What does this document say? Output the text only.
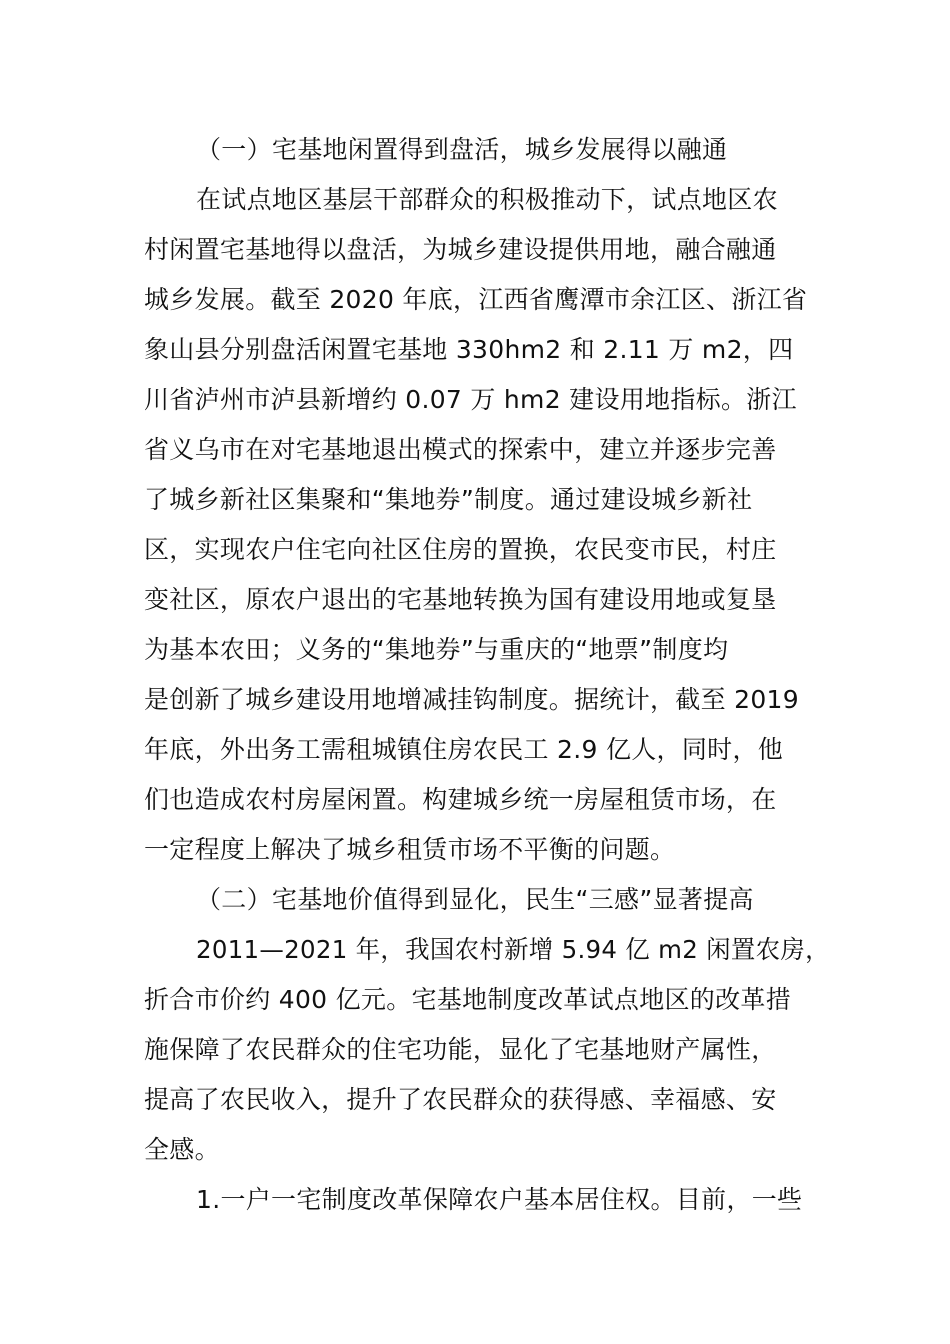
（一）宅基地闲置得到盘活，城乡发展得以融通
在试点地区基层干部群众的积极推动下，试点地区农
村闲置宅基地得以盘活，为城乡建设提供用地，融合融通
城乡发展。截至 2020 年底，江西省鹰潭市余江区、浙江省
象山县分别盘活闲置宅基地 330hm2 和 2.11 万 m2，四
川省泸州市泸县新增约 0.07 万 hm2 建设用地指标。浙江
省义乌市在对宅基地退出模式的探索中，建立并逐步完善
了城乡新社区集聚和“集地券”制度。通过建设城乡新社
区，实现农户住宅向社区住房的置换，农民变市民，村庄
变社区，原农户退出的宅基地转换为国有建设用地或复垦
为基本农田；义务的“集地券”与重庆的“地票”制度均
是创新了城乡建设用地增减挂钩制度。据统计，截至 2019
年底，外出务工需租城镇住房农民工 2.9 亿人，同时，他
们也造成农村房屋闲置。构建城乡统一房屋租赁市场，在
一定程度上解决了城乡租赁市场不平衡的问题。
（二）宅基地价值得到显化，民生“三感”显著提高
2011—2021 年，我国农村新增 5.94 亿 m2 闲置农房，
折合市价约 400 亿元。宅基地制度改革试点地区的改革措
施保障了农民群众的住宅功能，显化了宅基地财产属性，
提高了农民收入，提升了农民群众的获得感、幸福感、安
全感。
1.一户一宅制度改革保障农户基本居住权。目前，一些
